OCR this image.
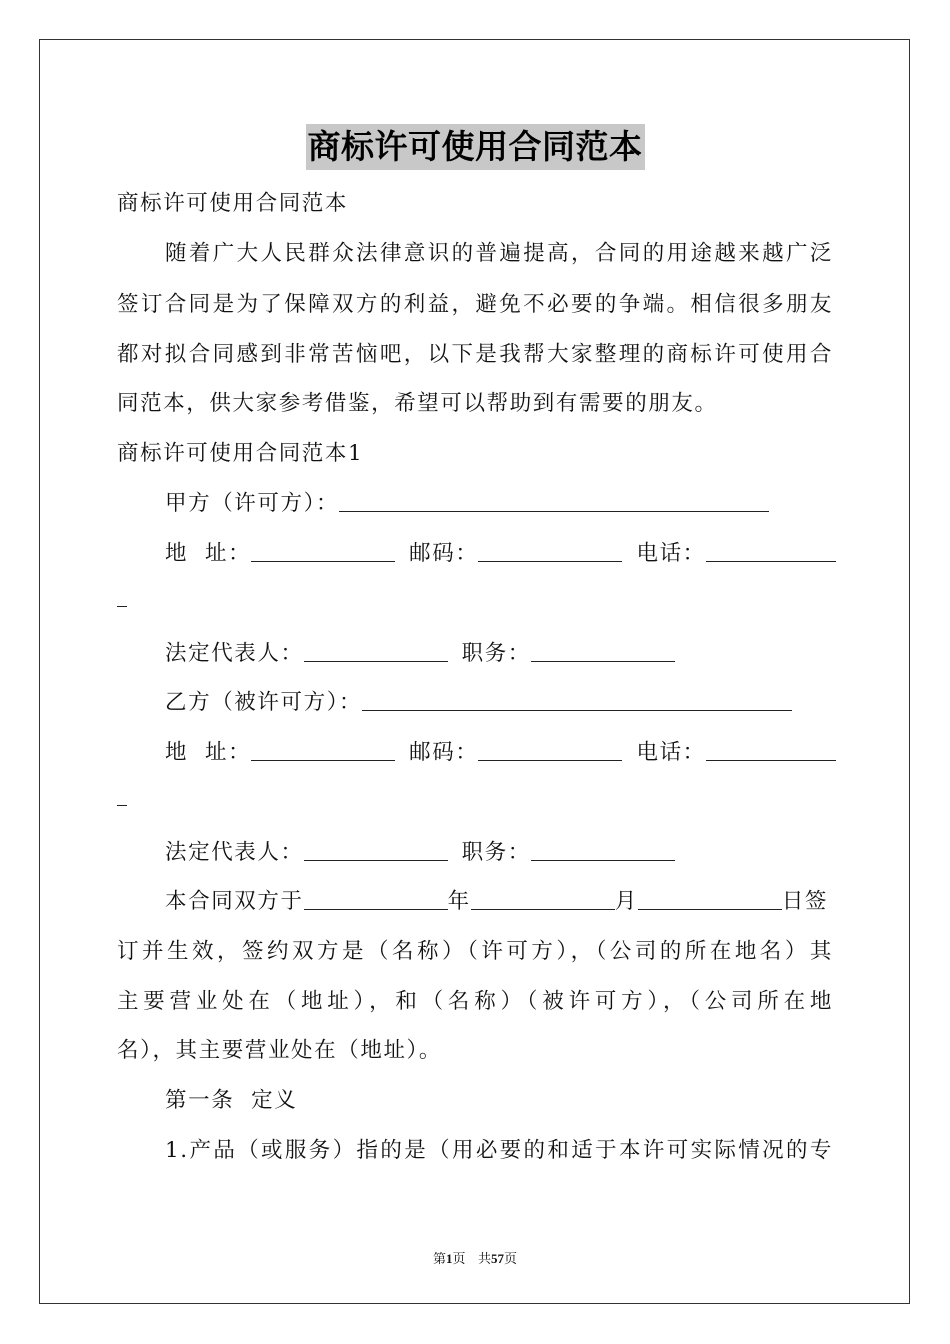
商标许可使用合同范本
商标许可使用合同范本
随着广大人民群众法律意识的普遍提高，合同的用途越来越广泛
签订合同是为了保障双方的利益，避免不必要的争端。相信很多朋友
都对拟合同感到非常苦恼吧，以下是我帮大家整理的商标许可使用合
同范本，供大家参考借鉴，希望可以帮助到有需要的朋友。
商标许可使用合同范本1
甲方（许可方）：
地  址：	邮码：	电话：
法定代表人：	职务：
乙方（被许可方）：
地  址：	邮码：	电话：
法定代表人：	职务：
本合同双方于	年	月	日签
订并生效，签约双方是（名称）（许可方），（公司的所在地名）其
主要营业处在（地址），和（名称）（被许可方），（公司所在地
名），其主要营业处在（地址）。
第一条  定义
1.产品（或服务）指的是（用必要的和适于本许可实际情况的专
第1页 共57页
